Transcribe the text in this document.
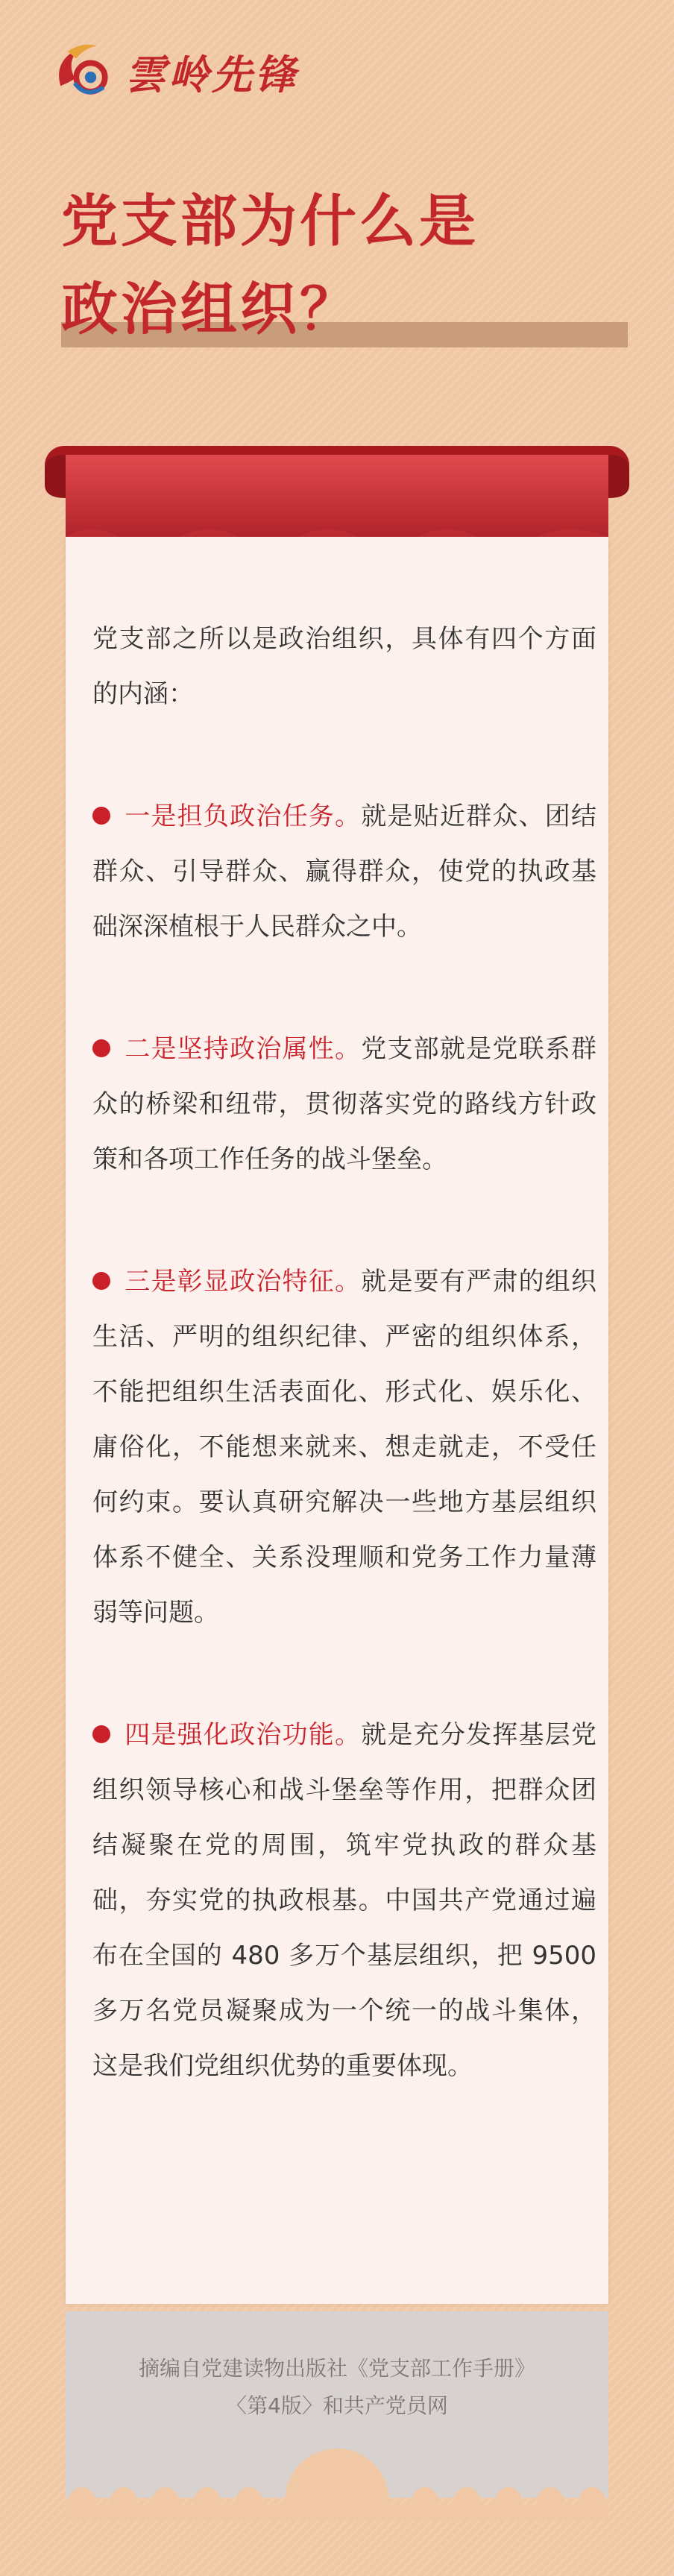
雲岭先锋
党支部为什么是
政治组织？

党支部之所以是政治组织，具体有四个方面的内涵：

一是担负政治任务。就是贴近群众、团结群众、引导群众、赢得群众，使党的执政基础深深植根于人民群众之中。

二是坚持政治属性。党支部就是党联系群众的桥梁和纽带，贯彻落实党的路线方针政策和各项工作任务的战斗堡垒。

三是彰显政治特征。就是要有严肃的组织生活、严明的组织纪律、严密的组织体系，不能把组织生活表面化、形式化、娱乐化、庸俗化，不能想来就来、想走就走，不受任何约束。要认真研究解决一些地方基层组织体系不健全、关系没理顺和党务工作力量薄弱等问题。

四是强化政治功能。就是充分发挥基层党组织领导核心和战斗堡垒等作用，把群众团结凝聚在党的周围，筑牢党执政的群众基础，夯实党的执政根基。中国共产党通过遍布在全国的 480 多万个基层组织，把 9500 多万名党员凝聚成为一个统一的战斗集体，这是我们党组织优势的重要体现。

摘编自党建读物出版社《党支部工作手册》
〈第4版〉和共产党员网
